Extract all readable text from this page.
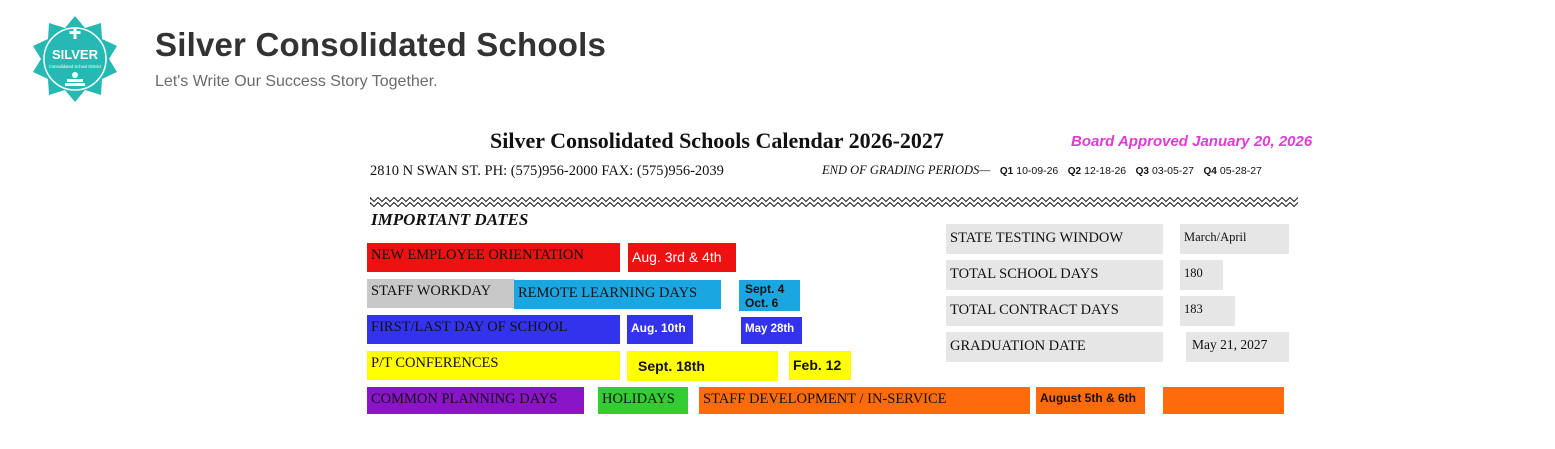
SILVER
Consolidated School District
Silver Consolidated Schools
Let's Write Our Success Story Together.
Silver Consolidated Schools Calendar 2026-2027	Board Approved January 20, 2026
2810 N SWAN ST. PH: (575)956-2000 FAX: (575)956-2039	END OF GRADING PERIODS— Q1 10-09-26 Q2 12-18-26 Q3 03-05-27 Q4 05-28-27
IMPORTANT DATES
NEW EMPLOYEE ORIENTATION	Aug. 3rd & 4th
STAFF WORKDAY	REMOTE LEARNING DAYS	Sept. 4
Oct. 6
FIRST/LAST DAY OF SCHOOL	Aug. 10th	May 28th
P/T CONFERENCES	Sept. 18th	Feb. 12
COMMON PLANNING DAYS	HOLIDAYS	STAFF DEVELOPMENT / IN-SERVICE	August 5th & 6th
STATE TESTING WINDOW	March/April
TOTAL SCHOOL DAYS	180
TOTAL CONTRACT DAYS	183
GRADUATION DATE	May 21, 2027
